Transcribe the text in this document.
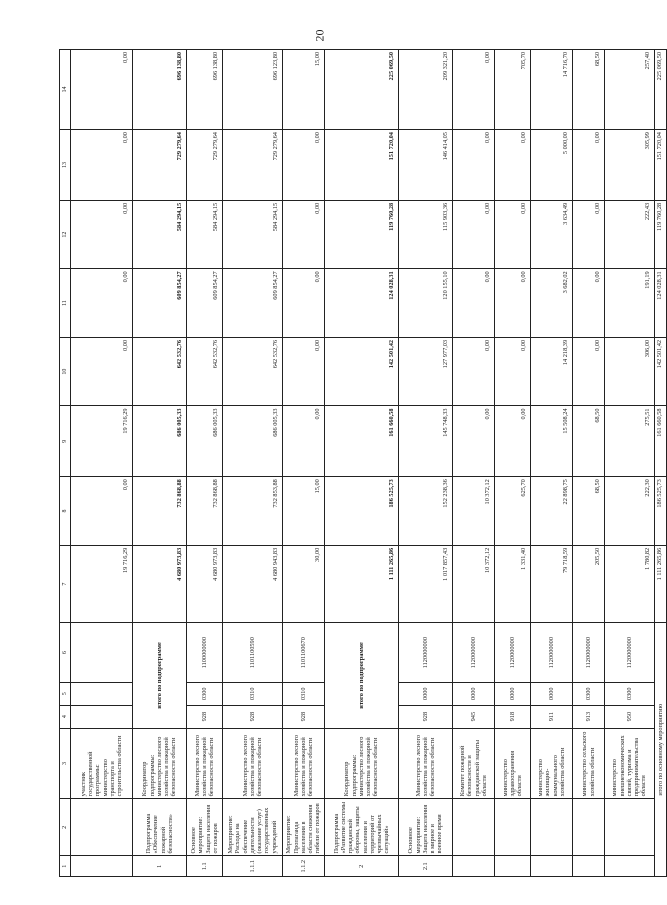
20
1	2	3	4	5	6	7	8	9	10	11	12	13	14
		участник государственной программы: министерство транспорта и строительства области				19 716,29	0,00	19 716,29	0,00	0,00	0,00	0,00	0,00
1	Подпрограмма «Обеспечение пожарной безопасности»	Координатор подпрограммы: министерство лесного хозяйства и пожарной безопасности области	итого по подпрограмме			4 680 973,83	732 868,88	686 005,33	642 532,76	609 854,27	584 294,15	729 279,64	696 138,80
1.1	Основное мероприятие: Защита населения от пожаров	Министерство лесного хозяйства и пожарной безопасности области	928	0300	1100000000	4 680 973,83	732 868,88	686 005,33	642 532,76	609 854,27	584 294,15	729 279,64	696 138,80
1.1.1	Мероприятие: Расходы на обеспечение деятельности (оказание услуг) государственных учреждений	Министерство лесного хозяйства и пожарной безопасности области	928	0310	1101100590	4 680 943,83	732 853,88	686 005,33	642 532,76	609 854,27	584 294,15	729 279,64	696 123,80
1.1.2	Мероприятие: Пропаганда населения в области снижения гибели от пожаров	Министерство лесного хозяйства и пожарной безопасности области	928	0310	1101100670	30,00	15,00	0,00	0,00	0,00	0,00	0,00	15,00
2	Подпрограмма «Развитие системы гражданской обороны, защиты населения и территорий от чрезвычайных ситуаций»	Координатор подпрограммы: министерство лесного хозяйства и пожарной безопасности области	итого по подпрограмме			1 111 265,86	186 525,73	161 660,58	142 501,42	124 028,31	119 760,28	151 720,04	225 069,50
2.1	Основное мероприятие: Защита населения в мирное и военное время	Министерство лесного хозяйства и пожарной безопасности области	928	0000	1120000000	1 017 857,43	152 238,36	145 748,33	127 977,03	120 155,10	115 903,36	146 414,05	209 321,20
		Комитет пожарной безопасности и гражданской защиты области	945	0000	1120000000	10 372,12	10 372,12	0,00	0,00	0,00	0,00	0,00	0,00
		министерство здравоохранения области	918	0000	1120000000	1 331,40	625,70	0,00	0,00	0,00	0,00	0,00	705,70
		министерство жилищно-коммунального хозяйства области	911	0000	1120000000	79 718,59	22 898,75	15 508,24	14 218,39	3 682,02	3 634,49	5 000,00	14 716,70
		министерство сельского хозяйства области	913	0300	1120000000	205,50	68,50	68,50	0,00	0,00	0,00	0,00	68,50
		министерство внешнеэкономических связей, туризма и предпринимательства области	950	0300	1120000000	1 780,82	222,30	275,51	306,00	191,19	222,43	305,99	257,40
итого по основному мероприятию						1 111 265,86	186 525,73	161 660,58	142 501,42	124 028,31	119 760,28	151 720,04	225 069,50
